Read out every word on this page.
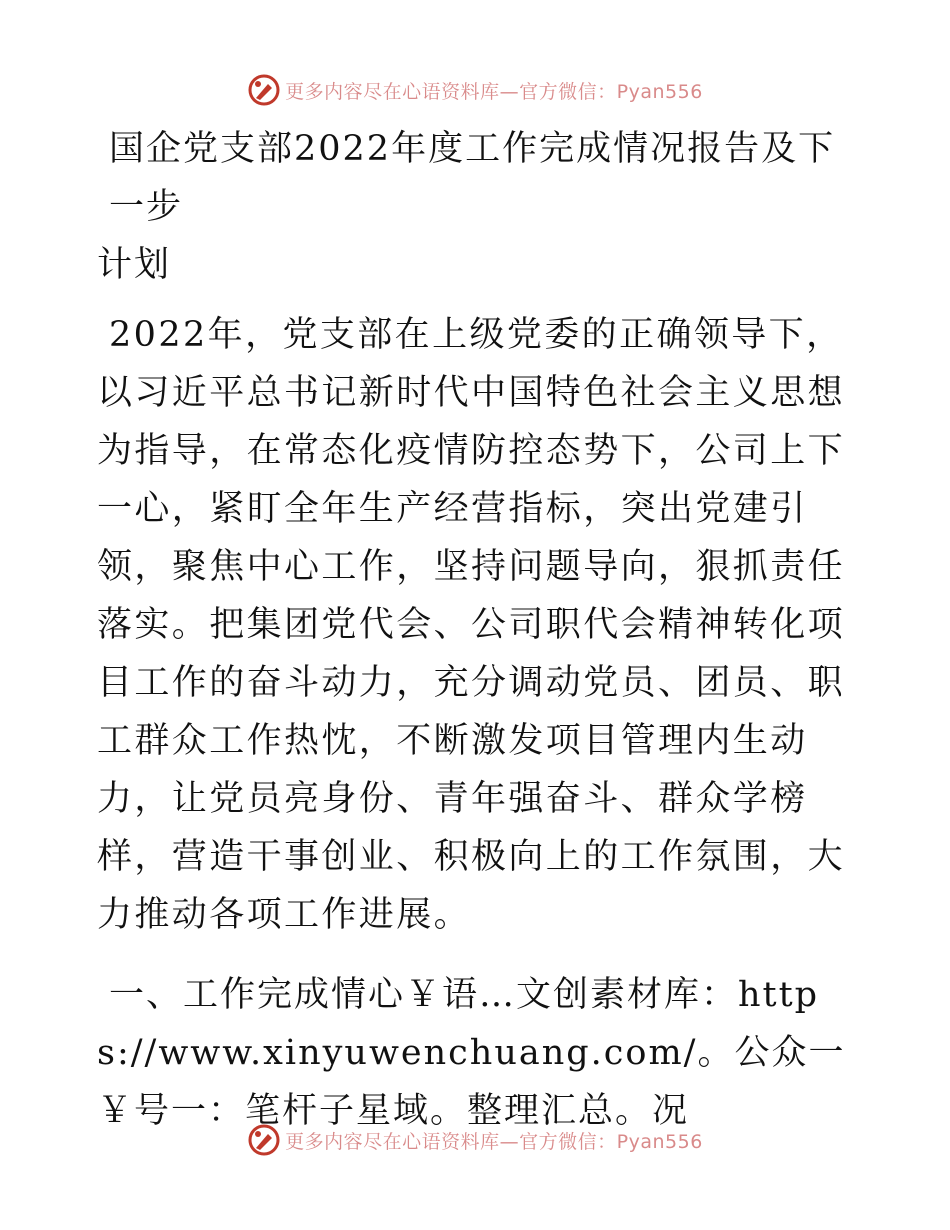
更多内容尽在心语资料库—官方微信：Pyan556
国企党支部2022年度工作完成情况报告及下一步
计划

2022年，党支部在上级党委的正确领导下，以习近平总书记新时代中国特色社会主义思想为指导，在常态化疫情防控态势下，公司上下一心，紧盯全年生产经营指标，突出党建引领，聚焦中心工作，坚持问题导向，狠抓责任落实。把集团党代会、公司职代会精神转化项目工作的奋斗动力，充分调动党员、团员、职工群众工作热忱，不断激发项目管理内生动力，让党员亮身份、青年强奋斗、群众学榜样，营造干事创业、积极向上的工作氛围，大力推动各项工作进展。

一、工作完成情心￥语…文创素材库：https://www.xinyuwenchuang.com/。公众一￥号一：笔杆子星域。整理汇总。况

更多内容尽在心语资料库—官方微信：Pyan556
